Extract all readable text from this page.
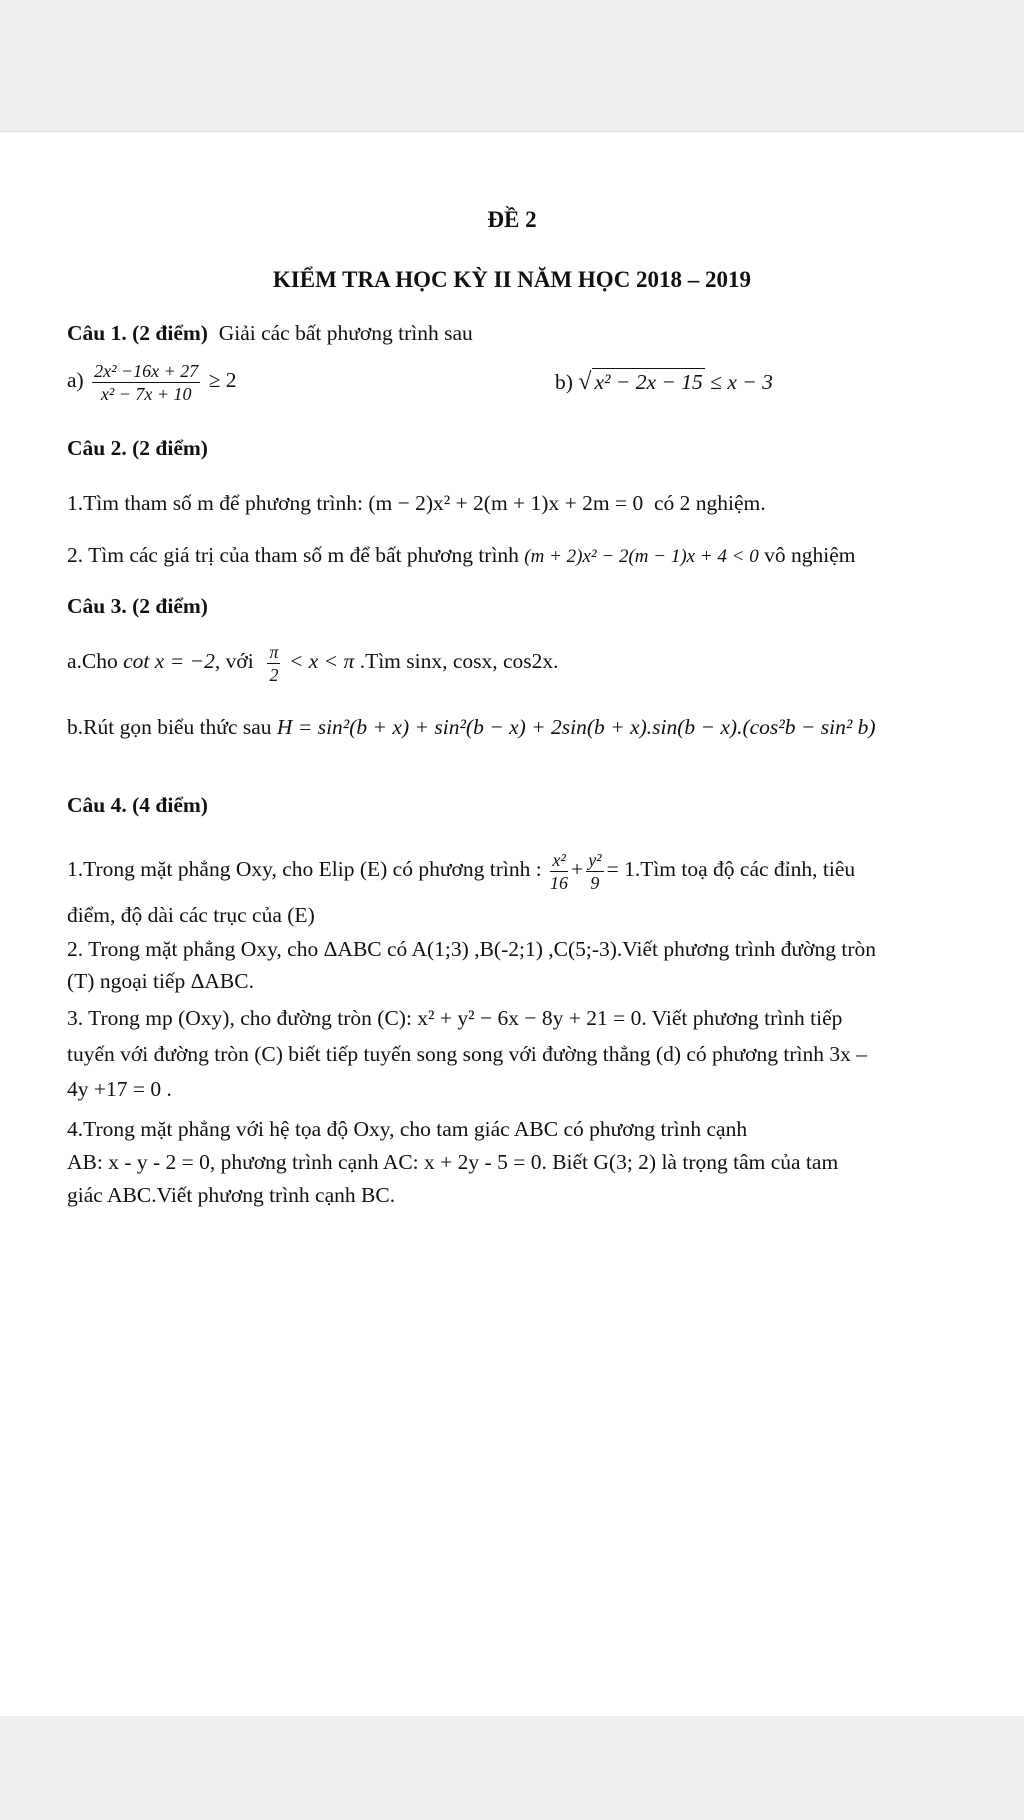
ĐỀ 2
KIỂM TRA HỌC KỲ II NĂM HỌC 2018 – 2019
Câu 1. (2 điểm) Giải các bất phương trình sau
$a) \frac{\text{2x² −16x + 27}}{\text{x² − 7x + 10}} \ge 2$	b) √ x² − 2x − 15 ≤ x − 3
Câu 2. (2 điểm)
1.Tìm tham số m để phương trình: (m − 2)x² + 2(m + 1)x + 2m = 0 có 2 nghiệm.
2. Tìm các giá trị của tham số m để bất phương trình (m + 2)x² − 2(m − 1)x + 4 < 0 vô nghiệm
Câu 3. (2 điểm)
a.Cho cot x = −2, với $\frac{\pi}{2} < x < \pi$ .Tìm sinx, cosx, cos2x.
b.Rút gọn biểu thức sau H = sin²(b + x) + sin²(b − x) + 2sin(b + x).sin(b − x).(cos²b − sin² b)
Câu 4. (4 điểm)
1.Trong mặt phẳng Oxy, cho Elip (E) có phương trình : $\frac{\text{x²}}{16} + \frac{\text{y²}}{9}$ = 1.Tìm toạ độ các đỉnh, tiêu
điểm, độ dài các trục của (E)
2. Trong mặt phẳng Oxy, cho ΔABC có A(1;3) ,B(-2;1) ,C(5;-3).Viết phương trình đường tròn
(T) ngoại tiếp ΔABC.
3. Trong mp (Oxy), cho đường tròn (C): x² + y² − 6x − 8y + 21 = 0. Viết phương trình tiếp
tuyến với đường tròn (C) biết tiếp tuyến song song với đường thẳng (d) có phương trình 3x –
4y +17 = 0 .
4.Trong mặt phẳng với hệ tọa độ Oxy, cho tam giác ABC có phương trình cạnh
AB: x - y - 2 = 0, phương trình cạnh AC: x + 2y - 5 = 0. Biết G(3; 2) là trọng tâm của tam
giác ABC.Viết phương trình cạnh BC.
